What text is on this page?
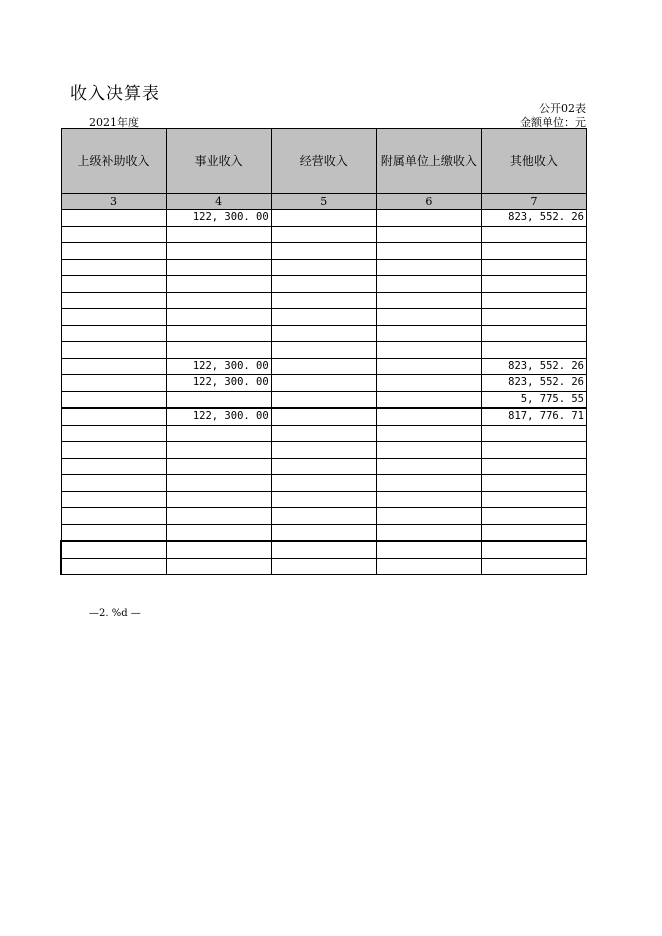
收入决算表
公开02表
2021年度	金额单位：元
上级补助收入	事业收入	经营收入	附属单位上缴收入	其他收入
3	4	5	6	7
	122, 300. 00			823, 552. 26

	122, 300. 00			823, 552. 26
	122, 300. 00			823, 552. 26
				5, 775. 55
	122, 300. 00			817, 776. 71

—2. %d —
